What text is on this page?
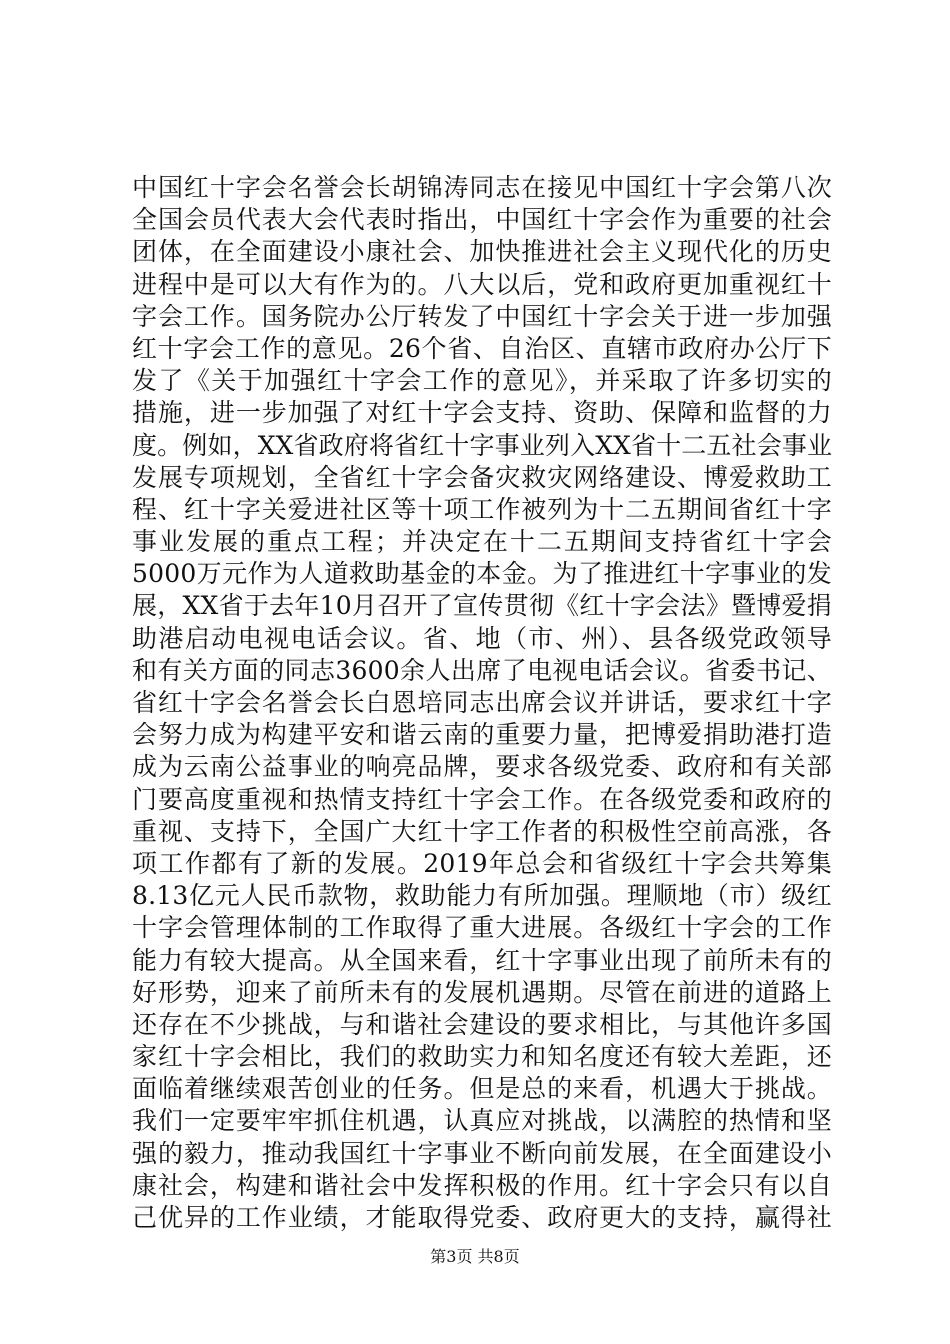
中国红十字会名誉会长胡锦涛同志在接见中国红十字会第八次
全国会员代表大会代表时指出，中国红十字会作为重要的社会
团体，在全面建设小康社会、加快推进社会主义现代化的历史
进程中是可以大有作为的。八大以后，党和政府更加重视红十
字会工作。国务院办公厅转发了中国红十字会关于进一步加强
红十字会工作的意见。26个省、自治区、直辖市政府办公厅下
发了《关于加强红十字会工作的意见》，并采取了许多切实的
措施，进一步加强了对红十字会支持、资助、保障和监督的力
度。例如，XX省政府将省红十字事业列入XX省十二五社会事业
发展专项规划，全省红十字会备灾救灾网络建设、博爱救助工
程、红十字关爱进社区等十项工作被列为十二五期间省红十字
事业发展的重点工程；并决定在十二五期间支持省红十字会
5000万元作为人道救助基金的本金。为了推进红十字事业的发
展，XX省于去年10月召开了宣传贯彻《红十字会法》暨博爱捐
助港启动电视电话会议。省、地（市、州）、县各级党政领导
和有关方面的同志3600余人出席了电视电话会议。省委书记、
省红十字会名誉会长白恩培同志出席会议并讲话，要求红十字
会努力成为构建平安和谐云南的重要力量，把博爱捐助港打造
成为云南公益事业的响亮品牌，要求各级党委、政府和有关部
门要高度重视和热情支持红十字会工作。在各级党委和政府的
重视、支持下，全国广大红十字工作者的积极性空前高涨，各
项工作都有了新的发展。2019年总会和省级红十字会共筹集
8.13亿元人民币款物，救助能力有所加强。理顺地（市）级红
十字会管理体制的工作取得了重大进展。各级红十字会的工作
能力有较大提高。从全国来看，红十字事业出现了前所未有的
好形势，迎来了前所未有的发展机遇期。尽管在前进的道路上
还存在不少挑战，与和谐社会建设的要求相比，与其他许多国
家红十字会相比，我们的救助实力和知名度还有较大差距，还
面临着继续艰苦创业的任务。但是总的来看，机遇大于挑战。
我们一定要牢牢抓住机遇，认真应对挑战，以满腔的热情和坚
强的毅力，推动我国红十字事业不断向前发展，在全面建设小
康社会，构建和谐社会中发挥积极的作用。红十字会只有以自
己优异的工作业绩，才能取得党委、政府更大的支持，赢得社
第3页 共8页
